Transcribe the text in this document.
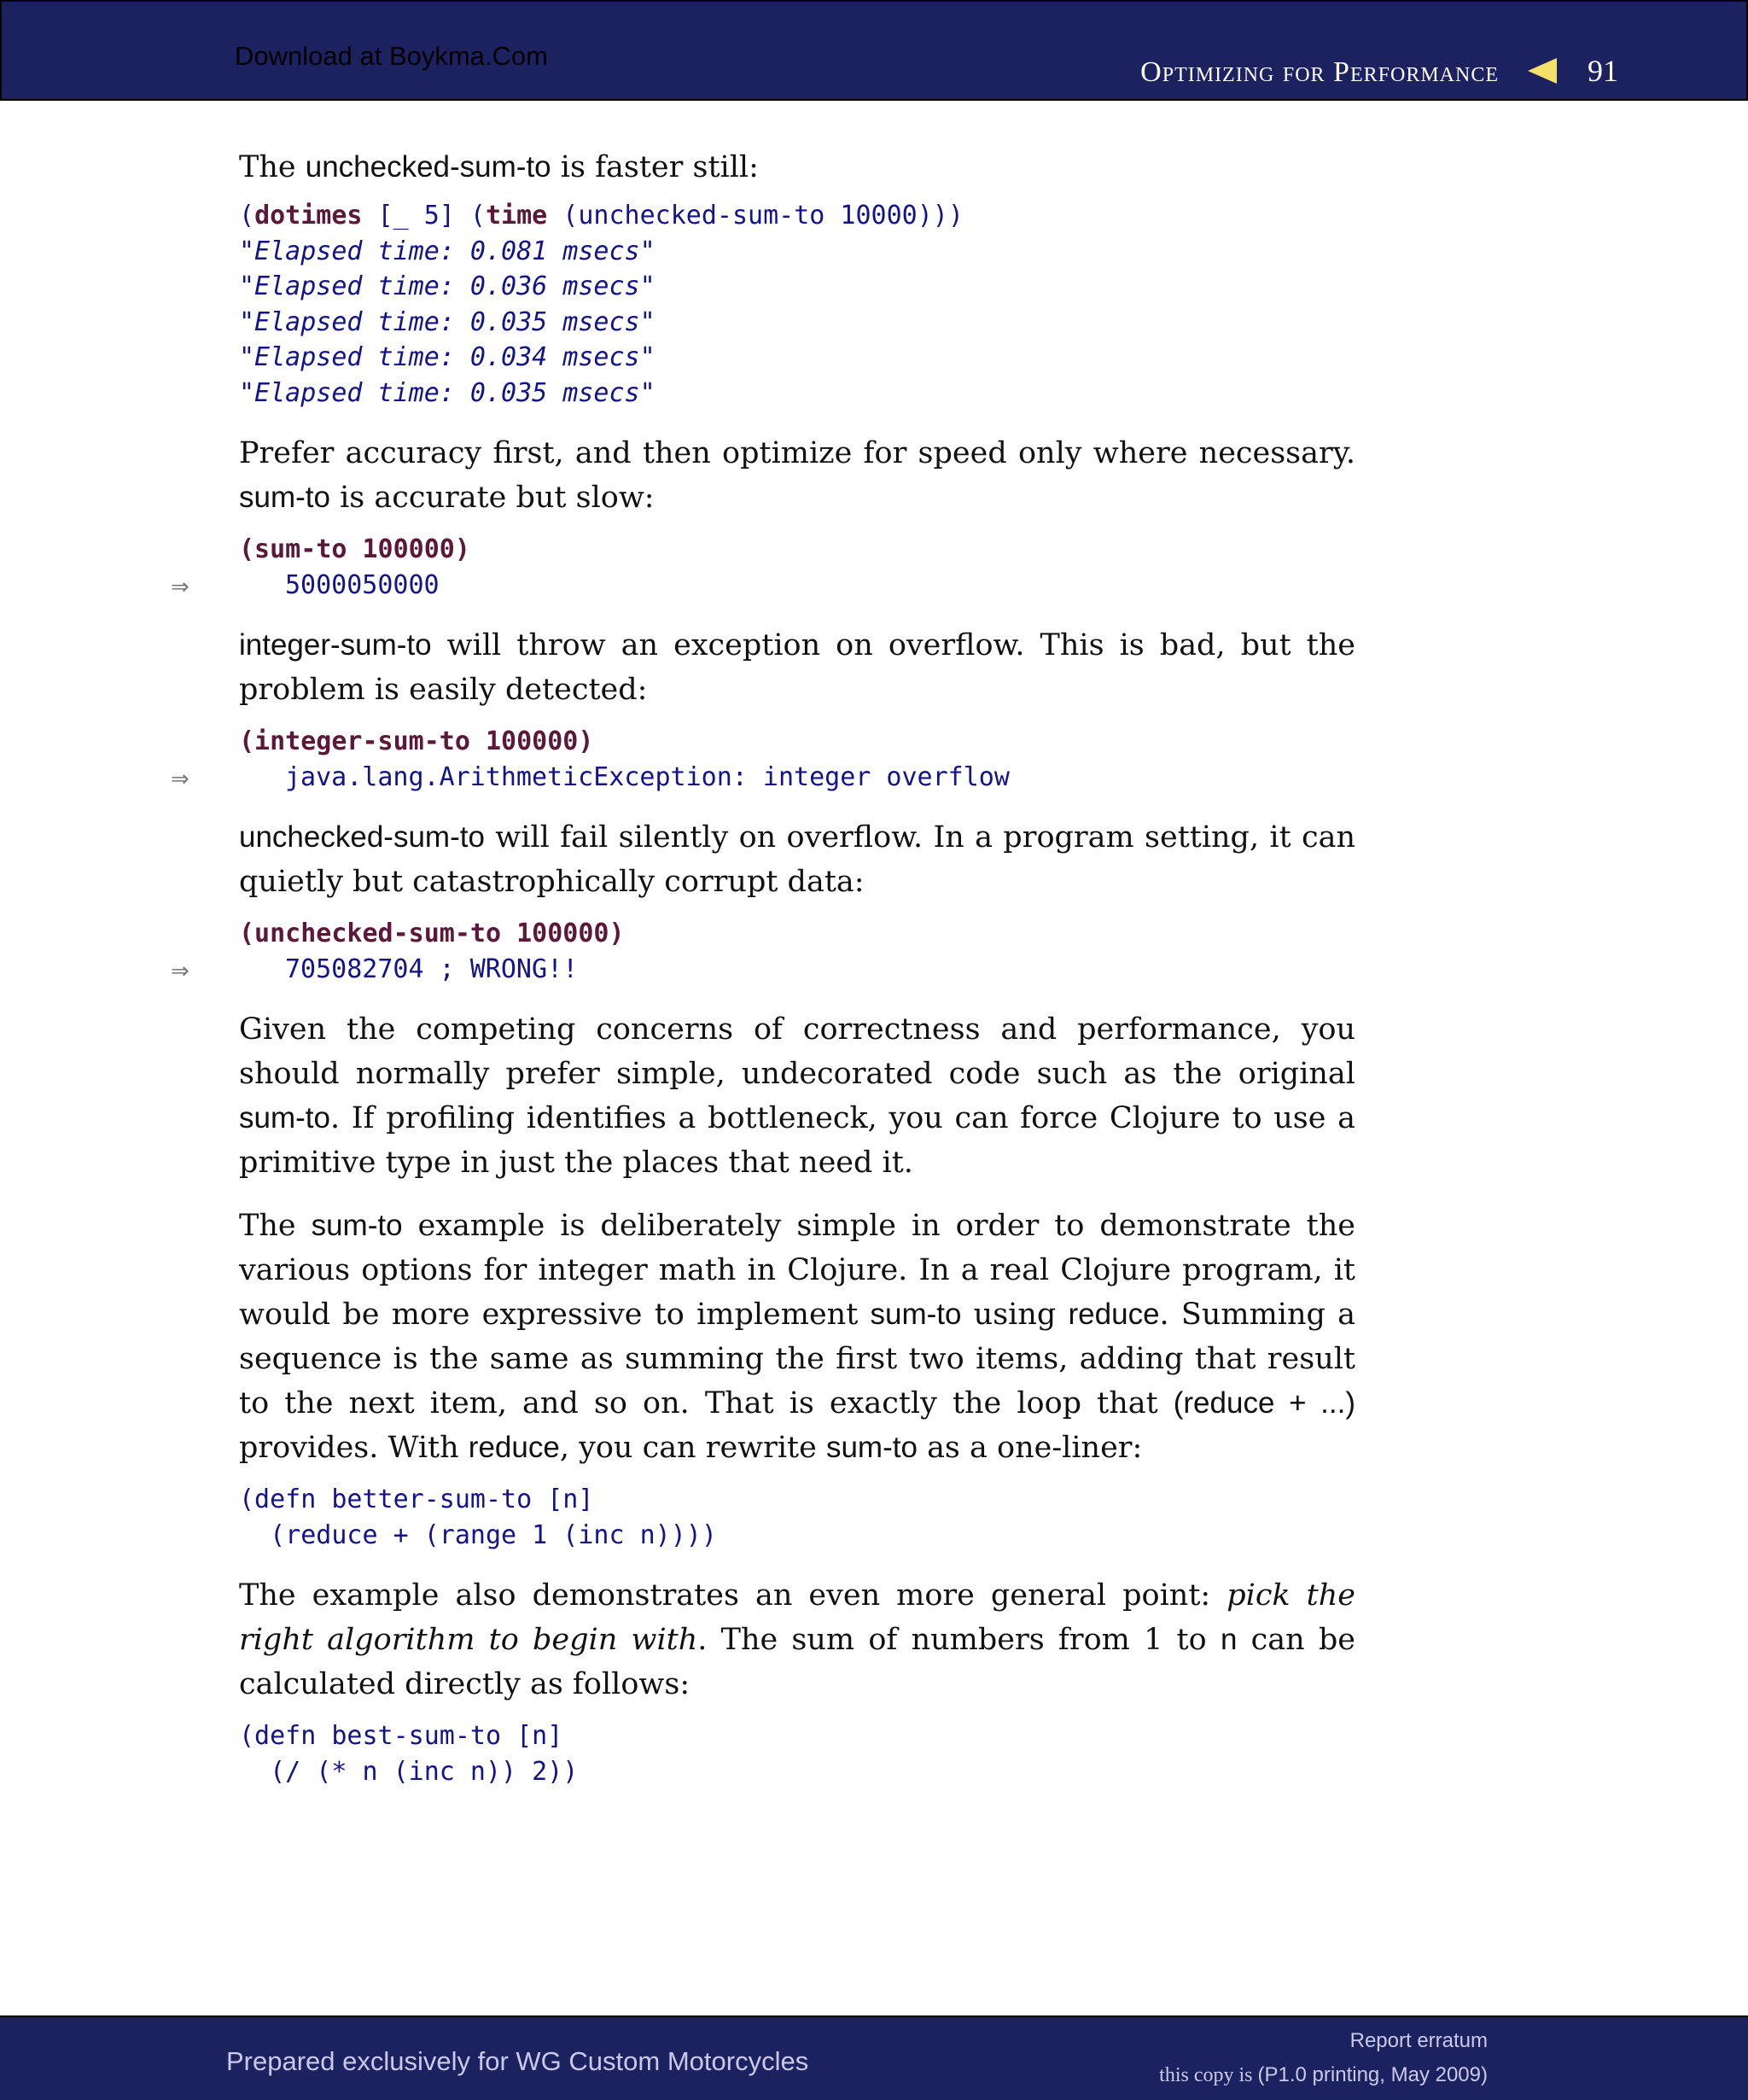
Download at Boykma.Com
Optimizing for Performance	91

The unchecked-sum-to is faster still:

(dotimes [_ 5] (time (unchecked-sum-to 10000)))
"Elapsed time: 0.081 msecs"
"Elapsed time: 0.036 msecs"
"Elapsed time: 0.035 msecs"
"Elapsed time: 0.034 msecs"
"Elapsed time: 0.035 msecs"

Prefer accuracy first, and then optimize for speed only where necessary. sum-to is accurate but slow:

(sum-to 100000)

⇒	5000050000

integer-sum-to will throw an exception on overflow. This is bad, but the problem is easily detected:

(integer-sum-to 100000)

⇒	java.lang.ArithmeticException: integer overflow

unchecked-sum-to will fail silently on overflow. In a program setting, it can quietly but catastrophically corrupt data:

(unchecked-sum-to 100000)

⇒	705082704 ; WRONG!!

Given the competing concerns of correctness and performance, you should normally prefer simple, undecorated code such as the original sum-to. If profiling identifies a bottleneck, you can force Clojure to use a primitive type in just the places that need it.

The sum-to example is deliberately simple in order to demonstrate the various options for integer math in Clojure. In a real Clojure program, it would be more expressive to implement sum-to using reduce. Summing a sequence is the same as summing the first two items, adding that result to the next item, and so on. That is exactly the loop that (reduce + ...) provides. With reduce, you can rewrite sum-to as a one-liner:

(defn better-sum-to [n]
(reduce + (range 1 (inc n))))

The example also demonstrates an even more general point: pick the right algorithm to begin with. The sum of numbers from 1 to n can be calculated directly as follows:

(defn best-sum-to [n]
(/ (* n (inc n)) 2))
Prepared exclusively for WG Custom Motorcycles
Report erratum
this copy is (P1.0 printing, May 2009)
